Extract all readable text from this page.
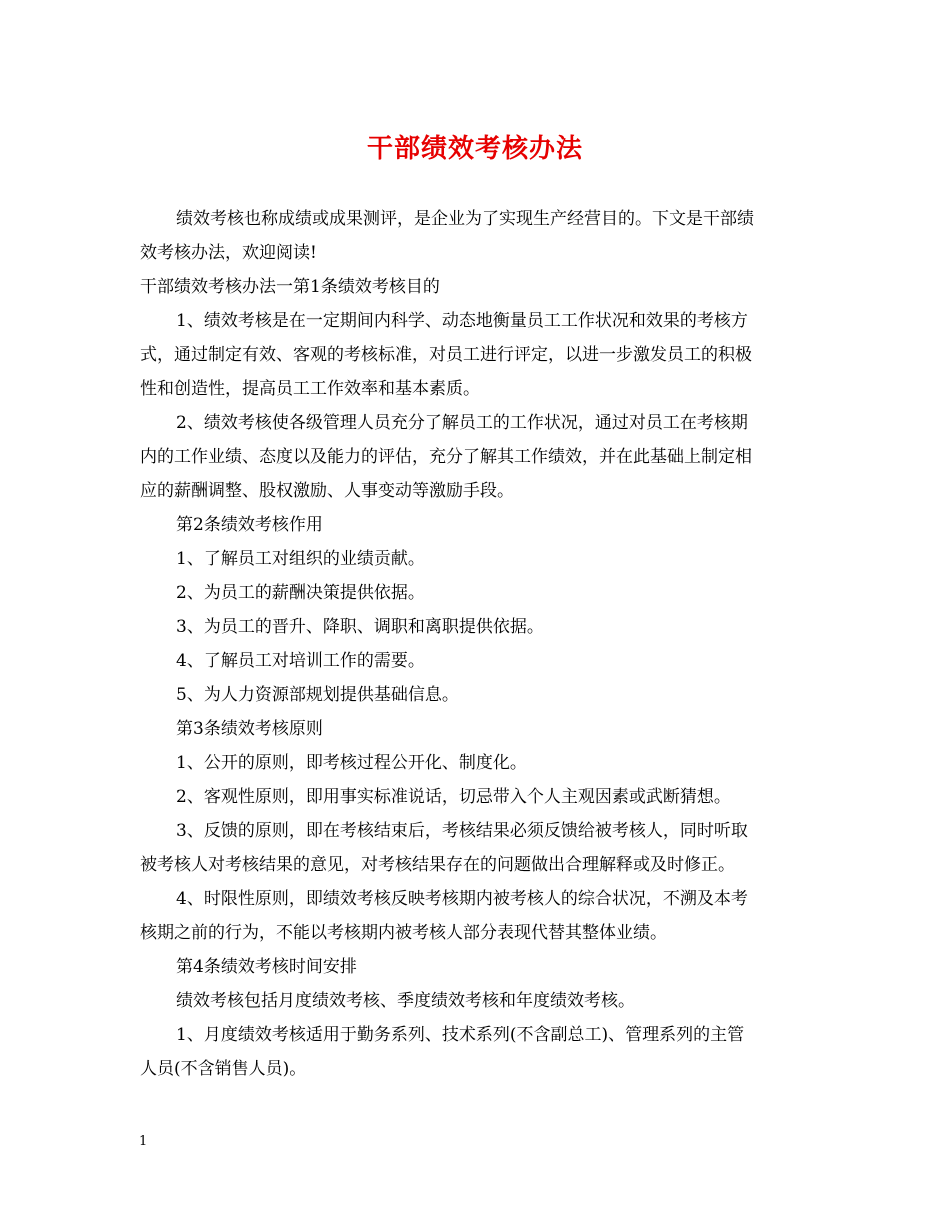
干部绩效考核办法
绩效考核也称成绩或成果测评，是企业为了实现生产经营目的。下文是干部绩
效考核办法，欢迎阅读!
干部绩效考核办法一第1条绩效考核目的
1、绩效考核是在一定期间内科学、动态地衡量员工工作状况和效果的考核方
式，通过制定有效、客观的考核标准，对员工进行评定，以进一步激发员工的积极
性和创造性，提高员工工作效率和基本素质。
2、绩效考核使各级管理人员充分了解员工的工作状况，通过对员工在考核期
内的工作业绩、态度以及能力的评估，充分了解其工作绩效，并在此基础上制定相
应的薪酬调整、股权激励、人事变动等激励手段。
第2条绩效考核作用
1、了解员工对组织的业绩贡献。
2、为员工的薪酬决策提供依据。
3、为员工的晋升、降职、调职和离职提供依据。
4、了解员工对培训工作的需要。
5、为人力资源部规划提供基础信息。
第3条绩效考核原则
1、公开的原则，即考核过程公开化、制度化。
2、客观性原则，即用事实标准说话，切忌带入个人主观因素或武断猜想。
3、反馈的原则，即在考核结束后，考核结果必须反馈给被考核人，同时听取
被考核人对考核结果的意见，对考核结果存在的问题做出合理解释或及时修正。
4、时限性原则，即绩效考核反映考核期内被考核人的综合状况，不溯及本考
核期之前的行为，不能以考核期内被考核人部分表现代替其整体业绩。
第4条绩效考核时间安排
绩效考核包括月度绩效考核、季度绩效考核和年度绩效考核。
1、月度绩效考核适用于勤务系列、技术系列(不含副总工)、管理系列的主管
人员(不含销售人员)。
1
